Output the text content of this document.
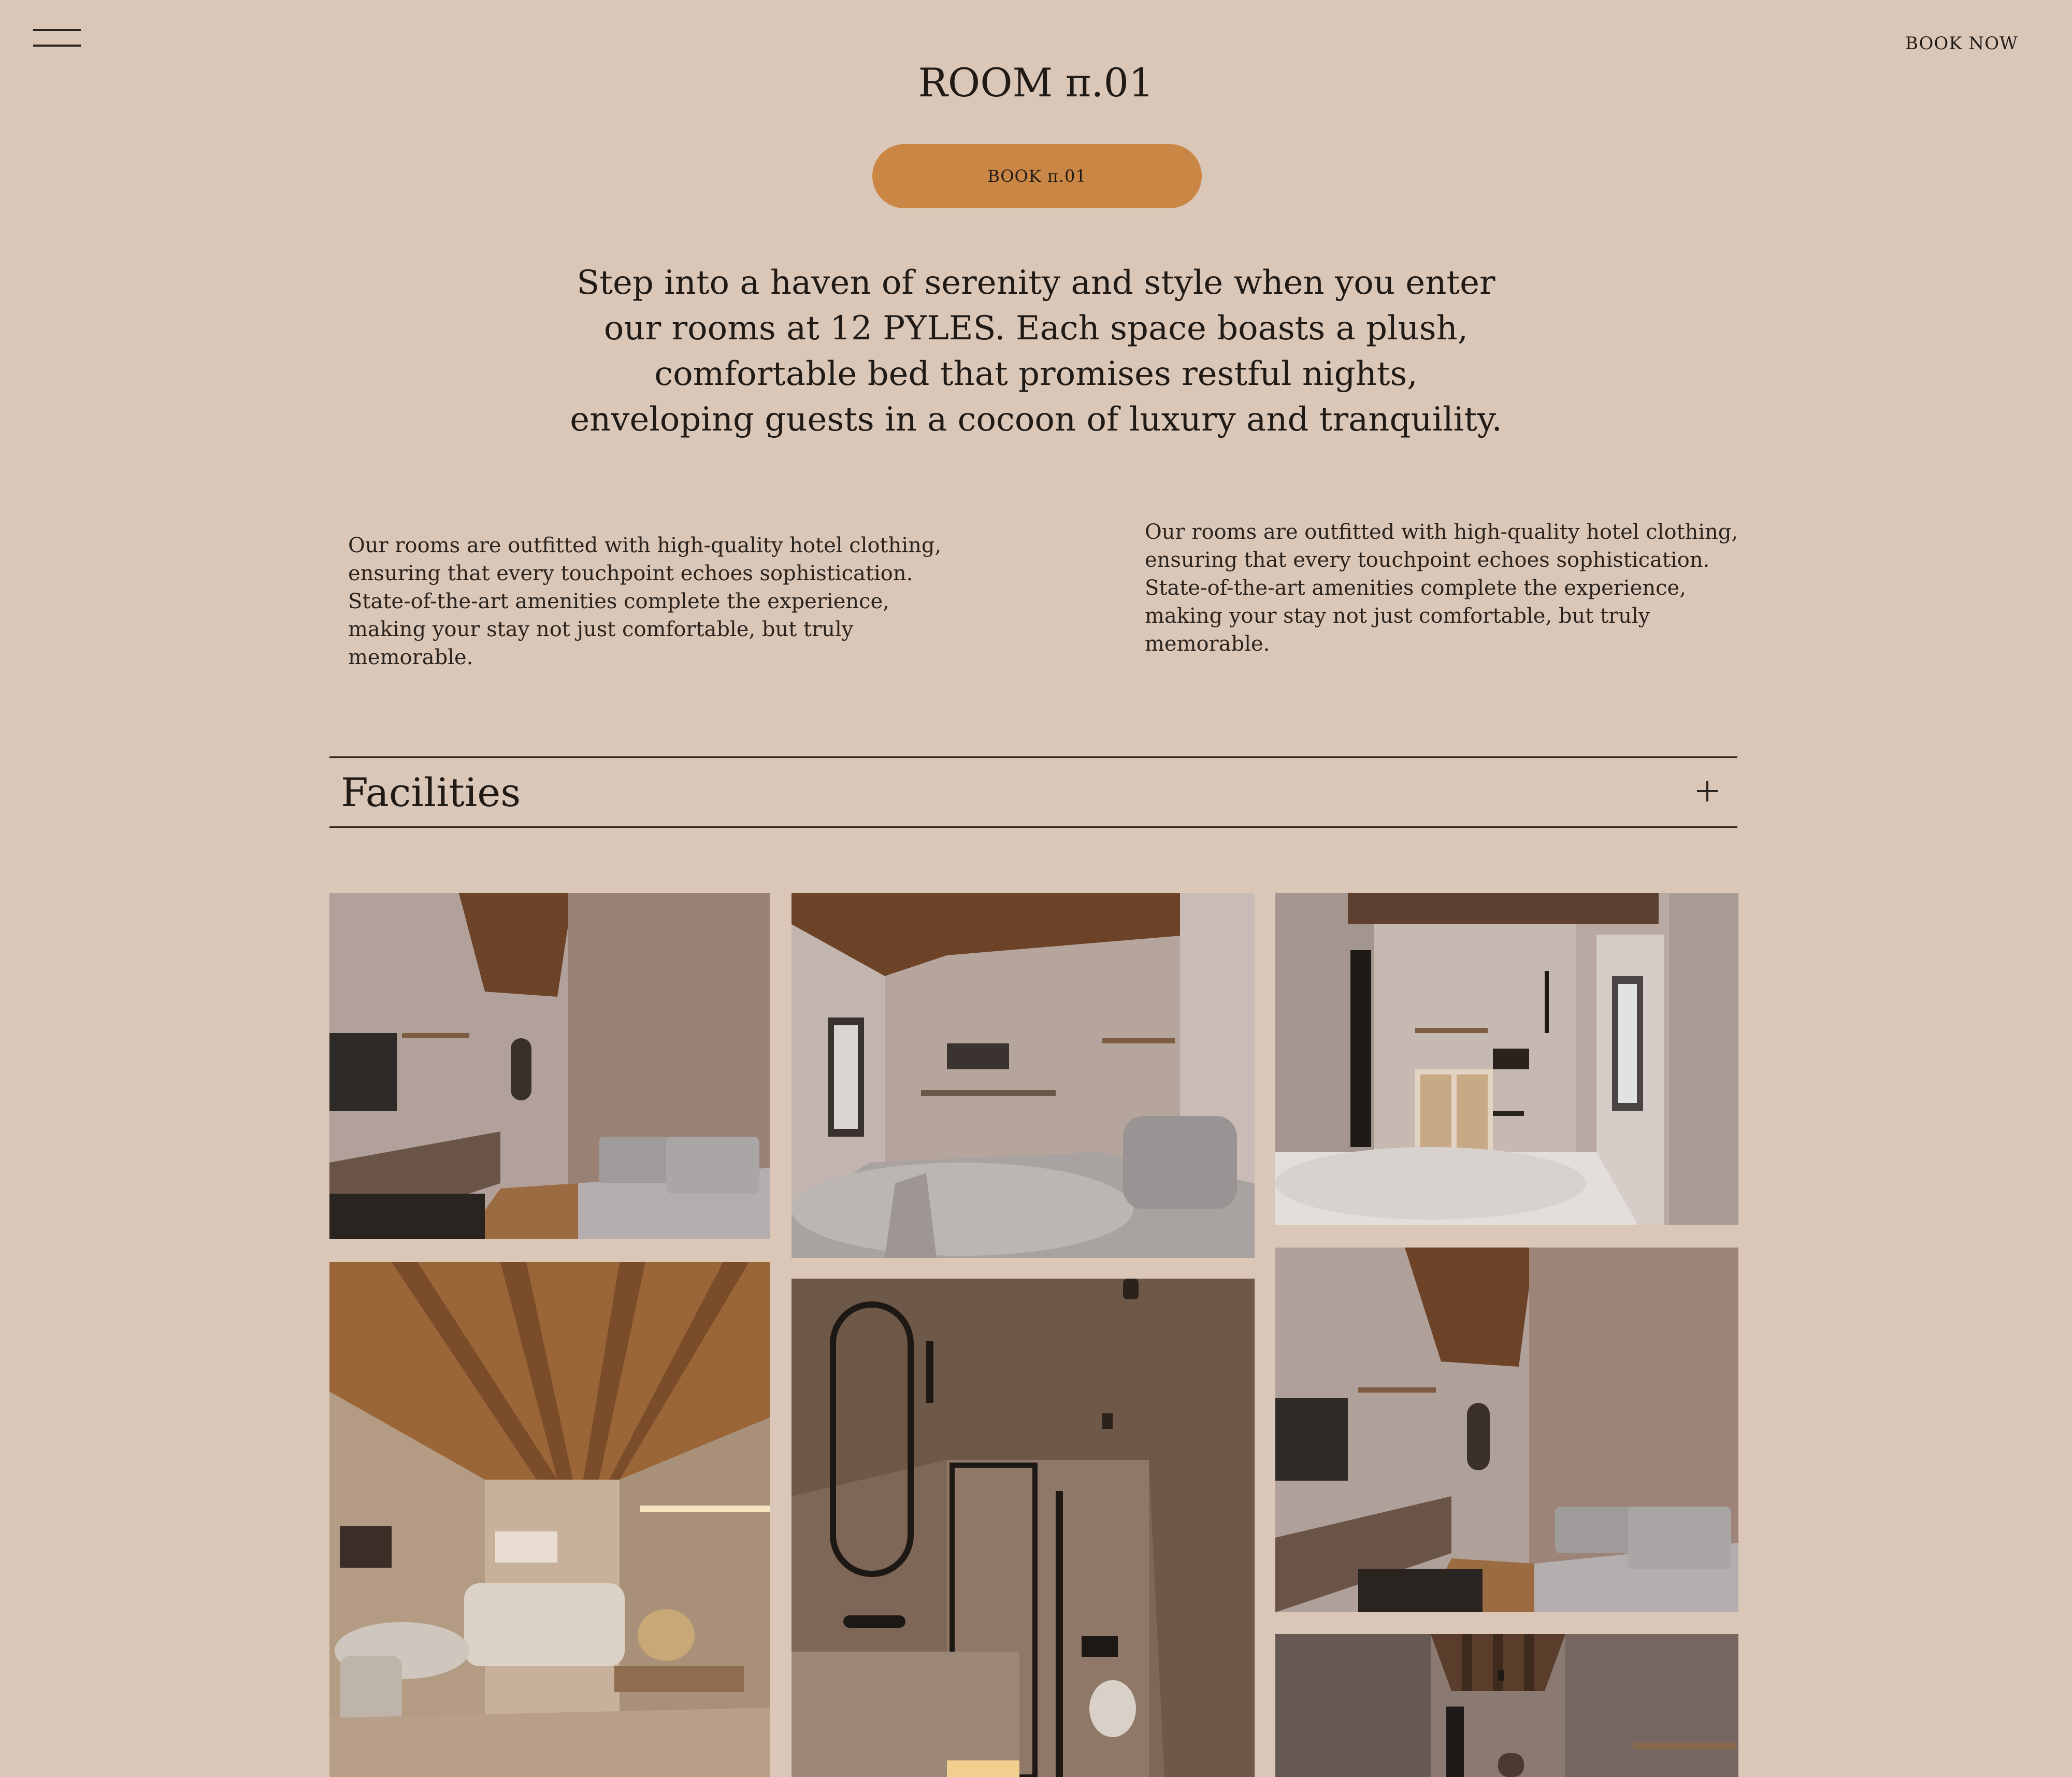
BOOK NOW
ROOM π.01
BOOK π.01

Step into a haven of serenity and style when you enter our rooms at 12 PYLES. Each space boasts a plush, comfortable bed that promises restful nights, enveloping guests in a cocoon of luxury and tranquility.

Our rooms are outfitted with high-quality hotel clothing, ensuring that every touchpoint echoes sophistication. State-of-the-art amenities complete the experience, making your stay not just comfortable, but truly memorable.

Our rooms are outfitted with high-quality hotel clothing, ensuring that every touchpoint echoes sophistication. State-of-the-art amenities complete the experience, making your stay not just comfortable, but truly memorable.

Facilities
